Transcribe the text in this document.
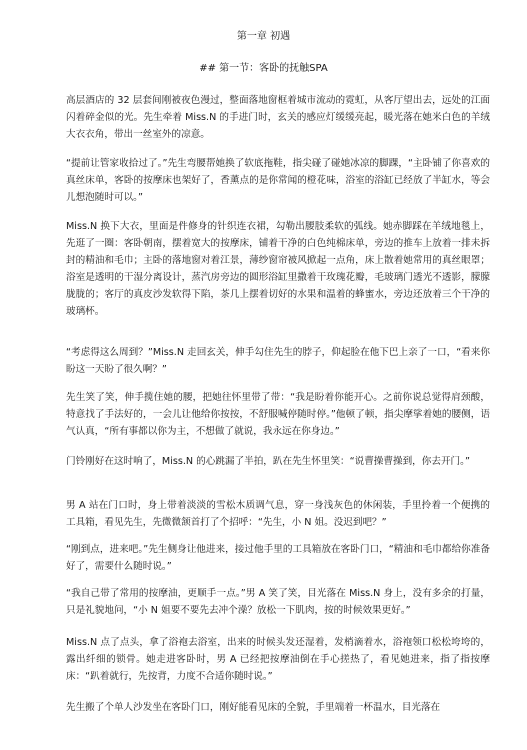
第一章 初遇
## 第一节：客卧的抚触SPA

高层酒店的 32 层套间刚被夜色漫过，整面落地窗框着城市流动的霓虹，从客厅望出去，远处的江面闪着碎金似的光。先生牵着 Miss.N 的手进门时，玄关的感应灯缓缓亮起，暖光落在她米白色的羊绒大衣衣角，带出一丝室外的凉意。

“提前让管家收拾过了。”先生弯腰帮她换了软底拖鞋，指尖碰了碰她冰凉的脚踝，“主卧铺了你喜欢的真丝床单，客卧的按摩床也架好了，香薰点的是你常闻的橙花味，浴室的浴缸已经放了半缸水，等会儿想泡随时可以。”

Miss.N 换下大衣，里面是件修身的针织连衣裙，勾勒出腰肢柔软的弧线。她赤脚踩在羊绒地毯上，先逛了一圈：客卧朝南，摆着宽大的按摩床，铺着干净的白色纯棉床单，旁边的推车上放着一排未拆封的精油和毛巾；主卧的落地窗对着江景，薄纱窗帘被风掀起一点角，床上散着她常用的真丝眼罩；浴室是透明的干湿分离设计，蒸汽房旁边的圆形浴缸里撒着干玫瑰花瓣，毛玻璃门透光不透影，朦朦胧胧的；客厅的真皮沙发软得下陷，茶几上摆着切好的水果和温着的蜂蜜水，旁边还放着三个干净的玻璃杯。

“考虑得这么周到？”Miss.N 走回玄关，伸手勾住先生的脖子，仰起脸在他下巴上亲了一口，“看来你盼这一天盼了很久啊？”

先生笑了笑，伸手揽住她的腰，把她往怀里带了带：“我是盼着你能开心。之前你说总觉得肩颈酸，特意找了手法好的，一会儿让他给你按按，不舒服喊停随时停。”他顿了顿，指尖摩挲着她的腰侧，语气认真，“所有事都以你为主，不想做了就说，我永远在你身边。”

门铃刚好在这时响了，Miss.N 的心跳漏了半拍，趴在先生怀里笑：“说曹操曹操到，你去开门。”

男 A 站在门口时，身上带着淡淡的雪松木质调气息，穿一身浅灰色的休闲装，手里拎着一个便携的工具箱，看见先生，先微微颔首打了个招呼：“先生，小 N 姐。没迟到吧？”

“刚到点，进来吧。”先生侧身让他进来，接过他手里的工具箱放在客卧门口，“精油和毛巾都给你准备好了，需要什么随时说。”

“我自己带了常用的按摩油，更顺手一点。”男 A 笑了笑，目光落在 Miss.N 身上，没有多余的打量，只是礼貌地问，“小 N 姐要不要先去冲个澡？放松一下肌肉，按的时候效果更好。”

Miss.N 点了点头，拿了浴袍去浴室，出来的时候头发还湿着，发梢滴着水，浴袍领口松松垮垮的，露出纤细的锁骨。她走进客卧时，男 A 已经把按摩油倒在手心搓热了，看见她进来，指了指按摩床：“趴着就行，先按背，力度不合适你随时说。”

先生搬了个单人沙发坐在客卧门口，刚好能看见床的全貌，手里端着一杯温水，目光落在
